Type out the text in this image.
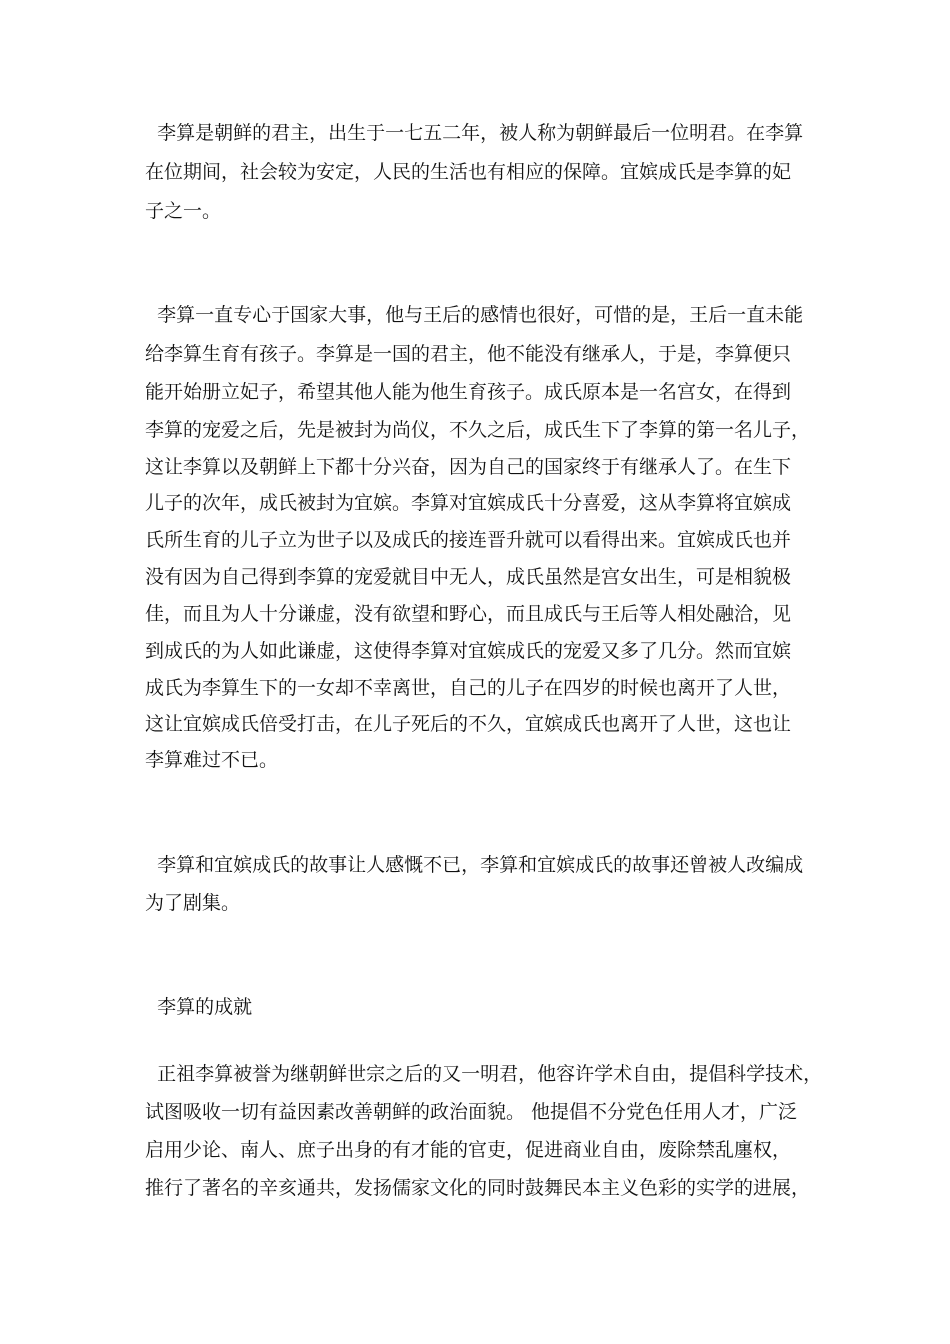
李算是朝鲜的君主，出生于一七五二年，被人称为朝鲜最后一位明君。在李算
在位期间，社会较为安定，人民的生活也有相应的保障。宜嫔成氏是李算的妃
子之一。
李算一直专心于国家大事，他与王后的感情也很好，可惜的是，王后一直未能
给李算生育有孩子。李算是一国的君主，他不能没有继承人，于是，李算便只
能开始册立妃子，希望其他人能为他生育孩子。成氏原本是一名宫女，在得到
李算的宠爱之后，先是被封为尚仪，不久之后，成氏生下了李算的第一名儿子，
这让李算以及朝鲜上下都十分兴奋，因为自己的国家终于有继承人了。在生下
儿子的次年，成氏被封为宜嫔。李算对宜嫔成氏十分喜爱，这从李算将宜嫔成
氏所生育的儿子立为世子以及成氏的接连晋升就可以看得出来。宜嫔成氏也并
没有因为自己得到李算的宠爱就目中无人，成氏虽然是宫女出生，可是相貌极
佳，而且为人十分谦虚，没有欲望和野心，而且成氏与王后等人相处融洽，见
到成氏的为人如此谦虚，这使得李算对宜嫔成氏的宠爱又多了几分。然而宜嫔
成氏为李算生下的一女却不幸离世，自己的儿子在四岁的时候也离开了人世，
这让宜嫔成氏倍受打击，在儿子死后的不久，宜嫔成氏也离开了人世，这也让
李算难过不已。
李算和宜嫔成氏的故事让人感慨不已，李算和宜嫔成氏的故事还曾被人改编成
为了剧集。
李算的成就
正祖李算被誉为继朝鲜世宗之后的又一明君，他容许学术自由，提倡科学技术，
试图吸收一切有益因素改善朝鲜的政治面貌。 他提倡不分党色任用人才，广泛
启用少论、南人、庶子出身的有才能的官吏，促进商业自由，废除禁乱廛权，
推行了著名的辛亥通共，发扬儒家文化的同时鼓舞民本主义色彩的实学的进展，
